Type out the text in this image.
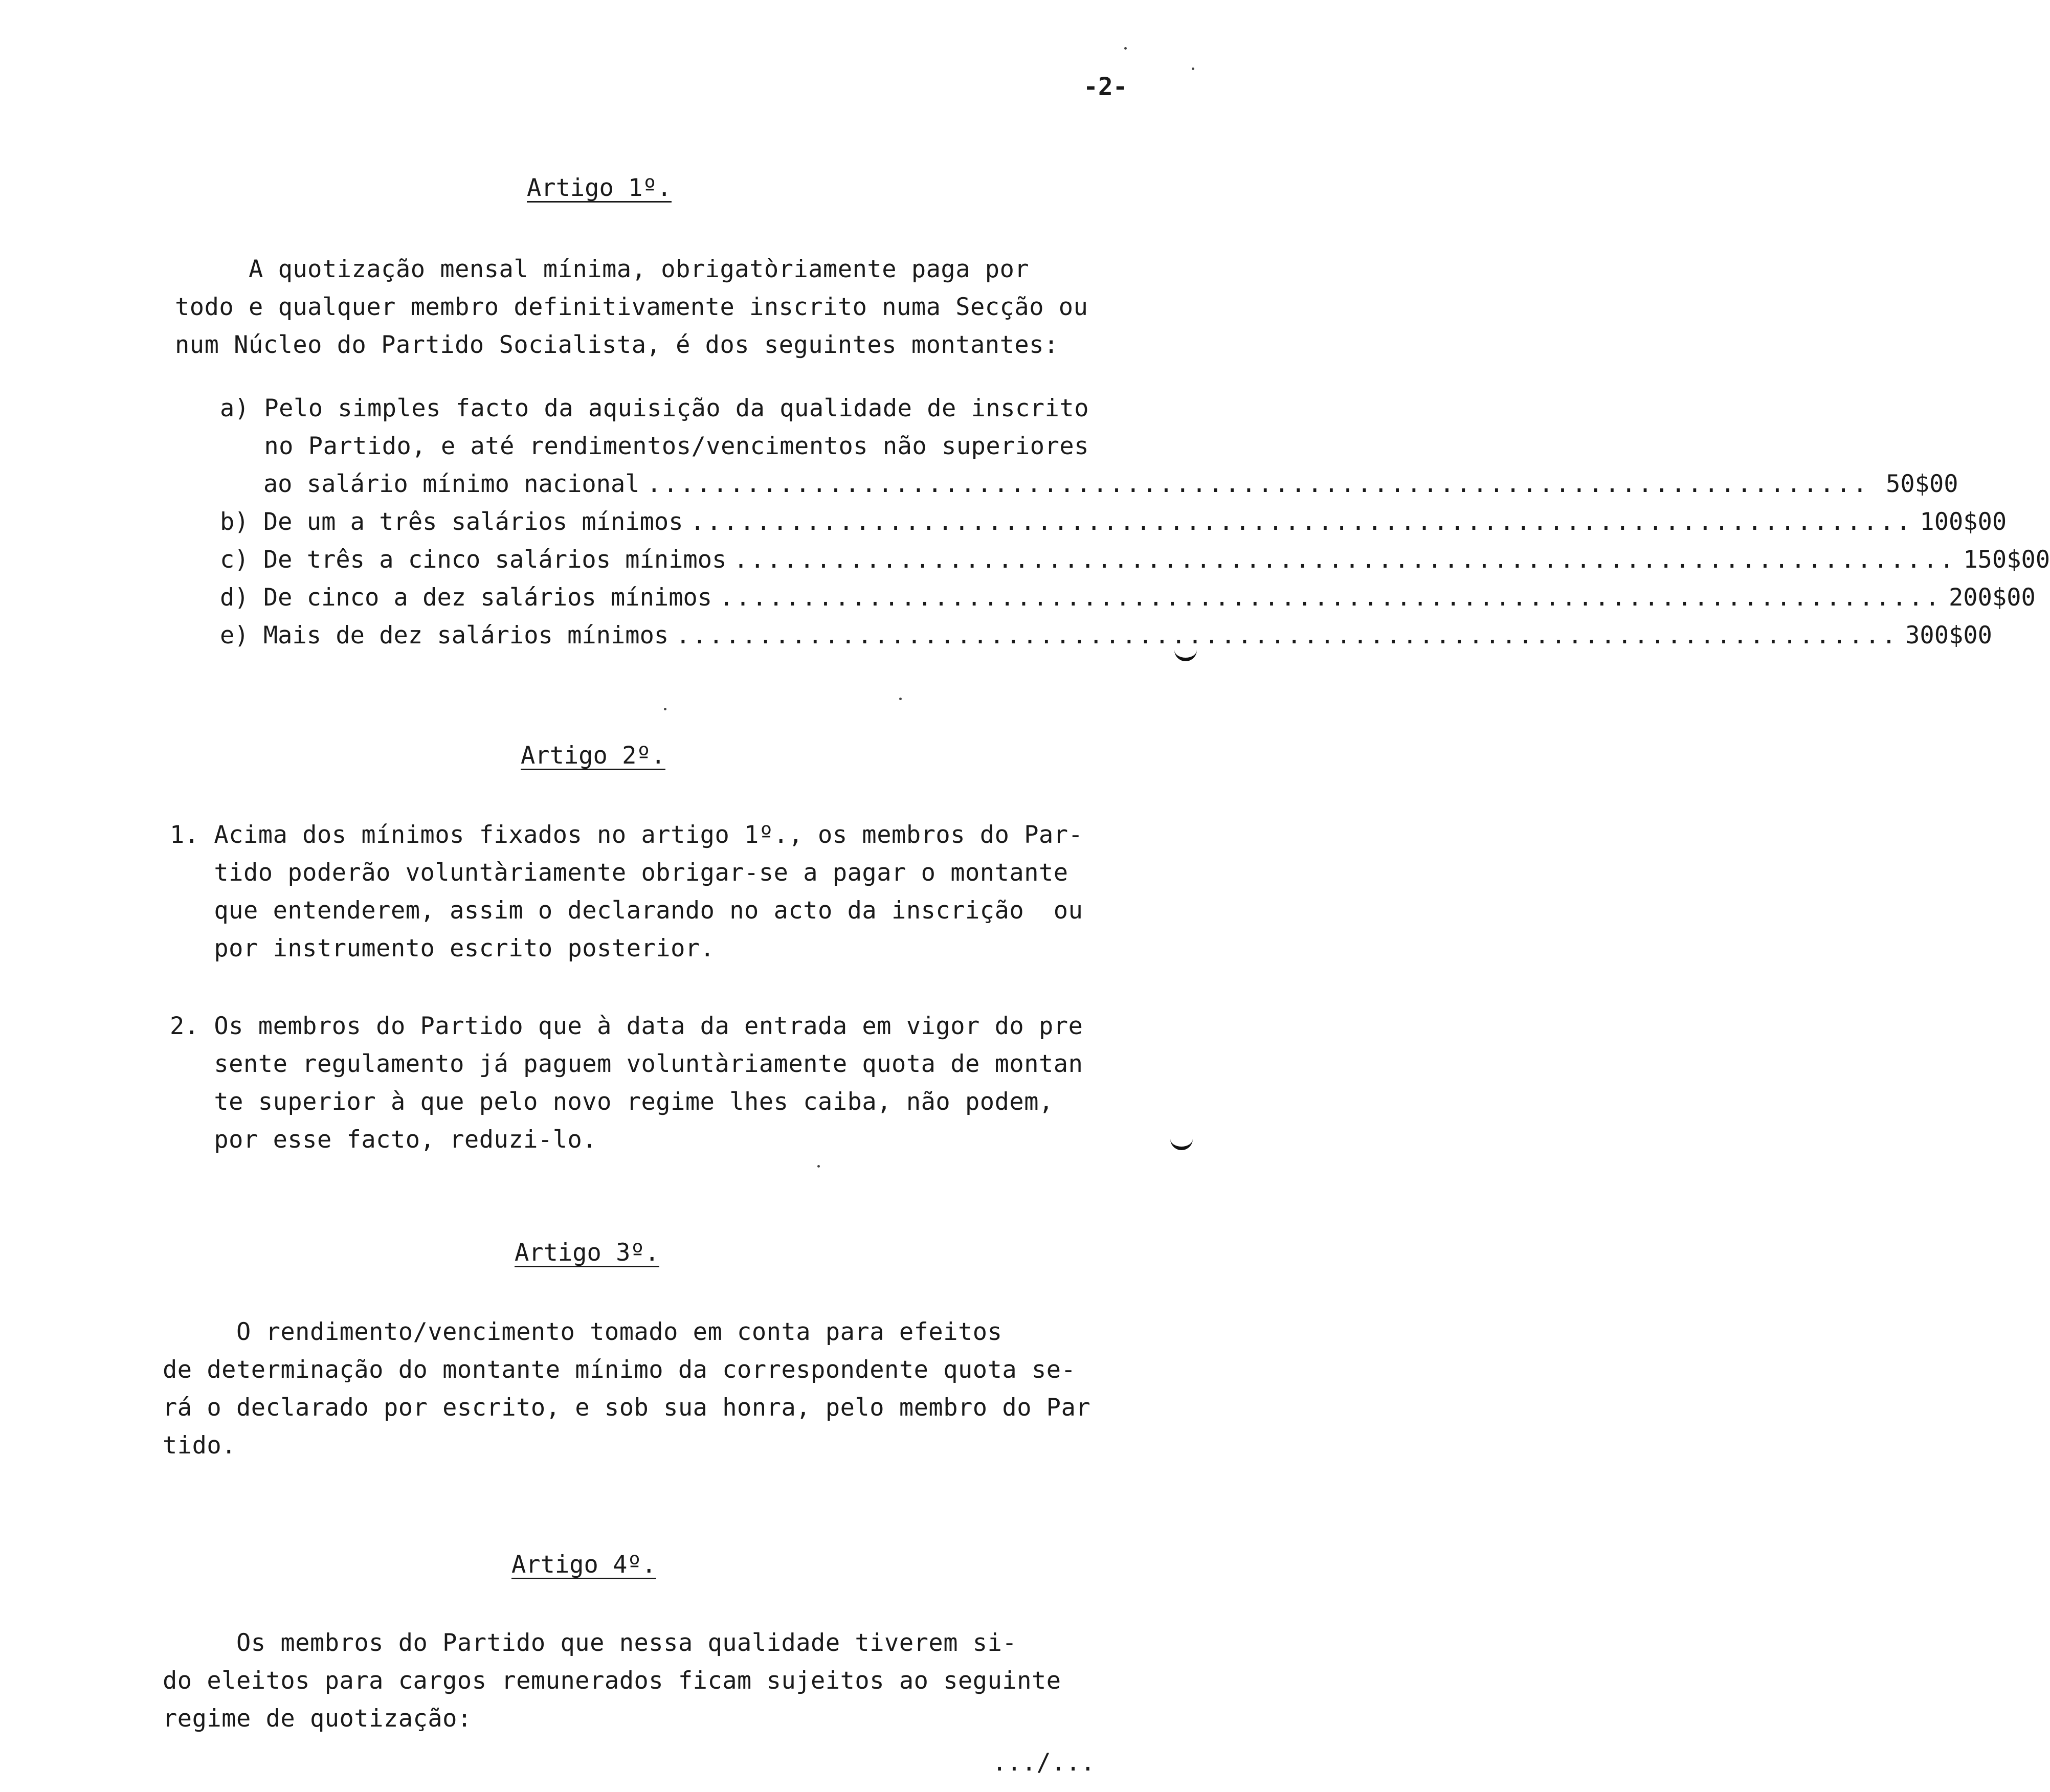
-2-
Artigo 1º.
A quotização mensal mínima, obrigatòriamente paga por
todo e qualquer membro definitivamente inscrito numa Secção ou
num Núcleo do Partido Socialista, é dos seguintes montantes:
a) Pelo simples facto da aquisição da qualidade de inscrito
no Partido, e até rendimentos/vencimentos não superiores
ao salário mínimo nacional .......................................................................... 50$00
b) De um a três salários mínimos .......................................................................... 100$00
c) De três a cinco salários mínimos .......................................................................... 150$00
d) De cinco a dez salários mínimos .......................................................................... 200$00
e) Mais de dez salários mínimos .......................................................................... 300$00
Artigo 2º.
1. Acima dos mínimos fixados no artigo 1º., os membros do Par-
tido poderão voluntàriamente obrigar-se a pagar o montante
que entenderem, assim o declarando no acto da inscrição  ou
por instrumento escrito posterior.
2. Os membros do Partido que à data da entrada em vigor do pre
sente regulamento já paguem voluntàriamente quota de montan
te superior à que pelo novo regime lhes caiba, não podem,
por esse facto, reduzi-lo.
Artigo 3º.
O rendimento/vencimento tomado em conta para efeitos
de determinação do montante mínimo da correspondente quota se-
rá o declarado por escrito, e sob sua honra, pelo membro do Par
tido.
Artigo 4º.
Os membros do Partido que nessa qualidade tiverem si-
do eleitos para cargos remunerados ficam sujeitos ao seguinte
regime de quotização:
.../...
